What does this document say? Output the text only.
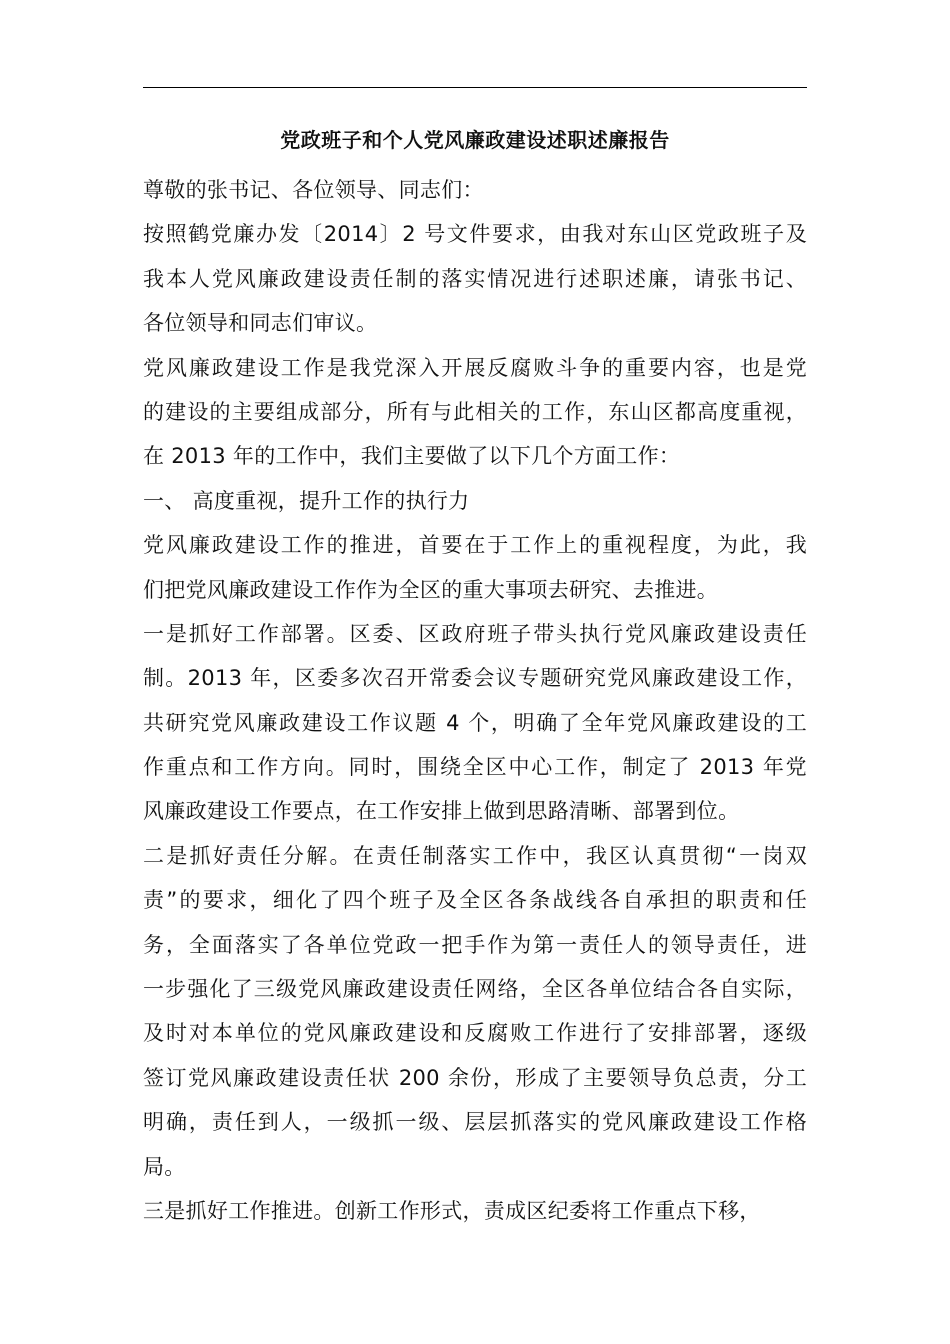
党政班子和个人党风廉政建设述职述廉报告
尊敬的张书记、各位领导、同志们：
按照鹤党廉办发〔2014〕2 号文件要求，由我对东山区党政班子及
我本人党风廉政建设责任制的落实情况进行述职述廉，请张书记、
各位领导和同志们审议。
党风廉政建设工作是我党深入开展反腐败斗争的重要内容，也是党
的建设的主要组成部分，所有与此相关的工作，东山区都高度重视，
在 2013 年的工作中，我们主要做了以下几个方面工作：
一、 高度重视，提升工作的执行力
党风廉政建设工作的推进，首要在于工作上的重视程度，为此，我
们把党风廉政建设工作作为全区的重大事项去研究、去推进。
一是抓好工作部署。区委、区政府班子带头执行党风廉政建设责任
制。2013 年，区委多次召开常委会议专题研究党风廉政建设工作，
共研究党风廉政建设工作议题 4 个，明确了全年党风廉政建设的工
作重点和工作方向。同时，围绕全区中心工作，制定了 2013 年党
风廉政建设工作要点，在工作安排上做到思路清晰、部署到位。
二是抓好责任分解。在责任制落实工作中，我区认真贯彻“一岗双
责”的要求，细化了四个班子及全区各条战线各自承担的职责和任
务，全面落实了各单位党政一把手作为第一责任人的领导责任，进
一步强化了三级党风廉政建设责任网络，全区各单位结合各自实际，
及时对本单位的党风廉政建设和反腐败工作进行了安排部署，逐级
签订党风廉政建设责任状 200 余份，形成了主要领导负总责，分工
明确，责任到人，一级抓一级、层层抓落实的党风廉政建设工作格
局。
三是抓好工作推进。创新工作形式，责成区纪委将工作重点下移，
